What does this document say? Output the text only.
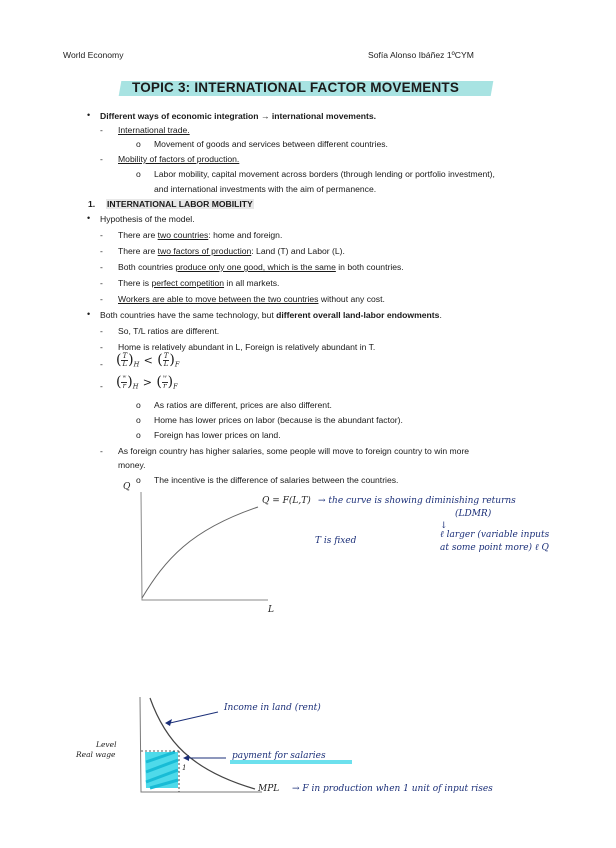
World Economy	Sofía Alonso Ibáñez 1ºCYM
TOPIC 3: INTERNATIONAL FACTOR MOVEMENTS
• Different ways of economic integration → international movements.
- International trade.
o Movement of goods and services between different countries.
- Mobility of factors of production.
o Labor mobility, capital movement across borders (through lending or portfolio investment),
and international investments with the aim of permanence.
1. INTERNATIONAL LABOR MOBILITY
• Hypothesis of the model.
- There are two countries: home and foreign.
- There are two factors of production: Land (T) and Labor (L).
- Both countries produce only one good, which is the same in both countries.
- There is perfect competition in all markets.
- Workers are able to move between the two countries without any cost.
• Both countries have the same technology, but different overall land-labor endowments.
- So, T/L ratios are different.
- Home is relatively abundant in L, Foreign is relatively abundant in T.
- ( $\frac{T}{L} )_H$ < ( $\frac{T}{L} )_F$
- ( $\frac{\text{ʷ}}{r} )_H$ > ( $\frac{\text{ʷ}}{r} )_F$
o As ratios are different, prices are also different.
o Home has lower prices on labor (because is the abundant factor).
o Foreign has lower prices on land.
- As foreign country has higher salaries, some people will move to foreign country to win more
money.
o The incentive is the difference of salaries between the countries.
Q
L
Q = F(L,T) → the curve is showing diminishing returns
(LDMR)
↓
ℓ larger (variable inputs
at some point more) ℓ Q
T is fixed
Level
Real wage
Income in land (rent)
payment for salaries
1
MPL → F in production when 1 unit of input rises
